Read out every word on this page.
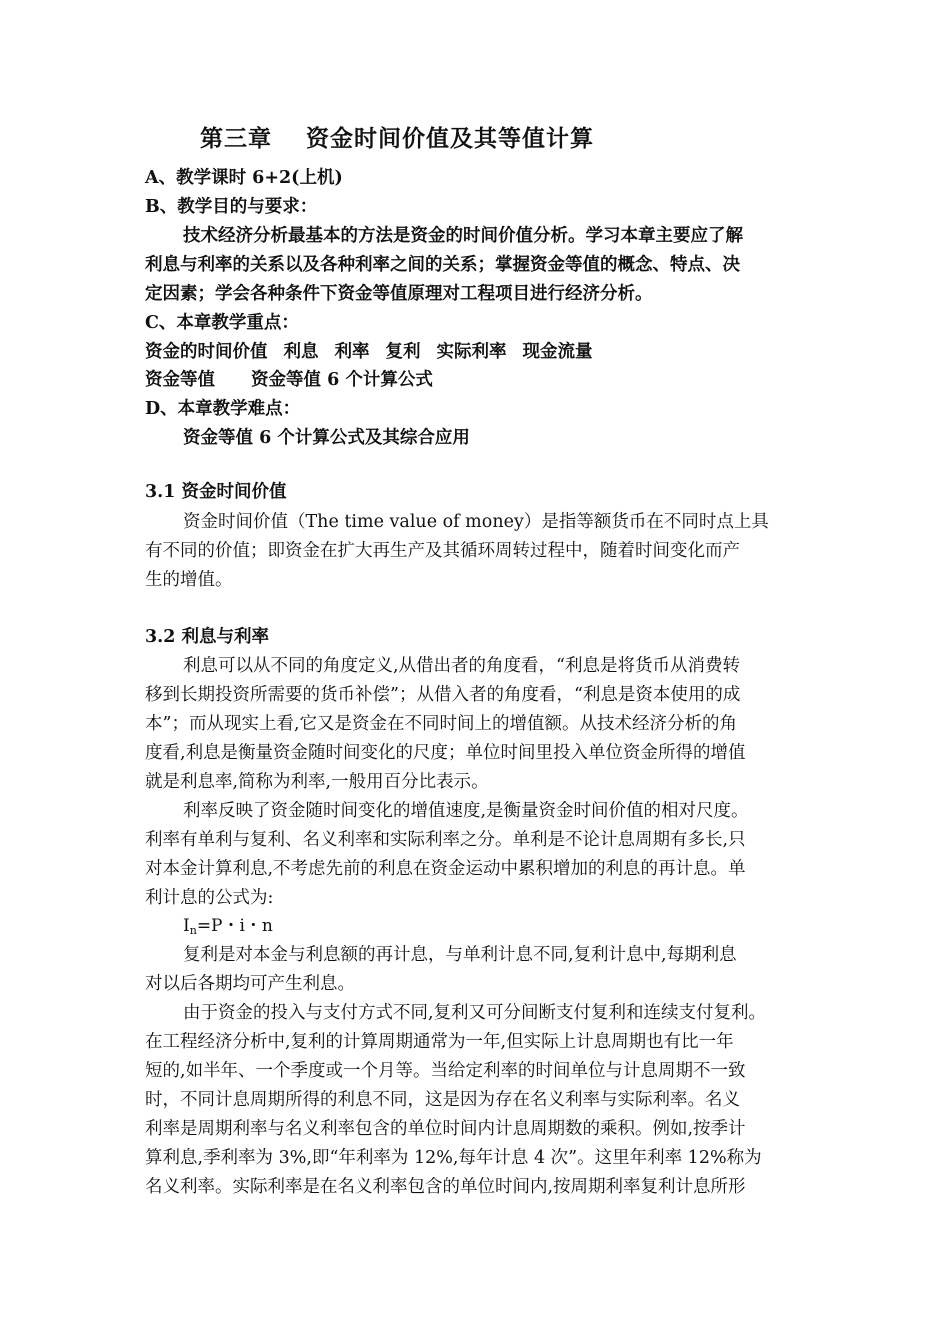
第三章 资金时间价值及其等值计算
A、教学课时 6+2(上机)
B、教学目的与要求：
技术经济分析最基本的方法是资金的时间价值分析。学习本章主要应了解
利息与利率的关系以及各种利率之间的关系；掌握资金等值的概念、特点、决
定因素；学会各种条件下资金等值原理对工程项目进行经济分析。
C、本章教学重点：
资金的时间价值 利息 利率 复利 实际利率 现金流量
资金等值 资金等值 6 个计算公式
D、本章教学难点：
资金等值 6 个计算公式及其综合应用
3.1 资金时间价值
资金时间价值（The time value of money）是指等额货币在不同时点上具
有不同的价值；即资金在扩大再生产及其循环周转过程中，随着时间变化而产
生的增值。
3.2 利息与利率
利息可以从不同的角度定义,从借出者的角度看，“利息是将货币从消费转
移到长期投资所需要的货币补偿”；从借入者的角度看，“利息是资本使用的成
本”；而从现实上看,它又是资金在不同时间上的增值额。从技术经济分析的角
度看,利息是衡量资金随时间变化的尺度；单位时间里投入单位资金所得的增值
就是利息率,简称为利率,一般用百分比表示。
利率反映了资金随时间变化的增值速度,是衡量资金时间价值的相对尺度。
利率有单利与复利、名义利率和实际利率之分。单利是不论计息周期有多长,只
对本金计算利息,不考虑先前的利息在资金运动中累积增加的利息的再计息。单
利计息的公式为:
$I_n=P$・i・n
复利是对本金与利息额的再计息，与单利计息不同,复利计息中,每期利息
对以后各期均可产生利息。
由于资金的投入与支付方式不同,复利又可分间断支付复利和连续支付复利。
在工程经济分析中,复利的计算周期通常为一年,但实际上计息周期也有比一年
短的,如半年、一个季度或一个月等。当给定利率的时间单位与计息周期不一致
时，不同计息周期所得的利息不同，这是因为存在名义利率与实际利率。名义
利率是周期利率与名义利率包含的单位时间内计息周期数的乘积。例如,按季计
算利息,季利率为 3%,即“年利率为 12%,每年计息 4 次”。这里年利率 12%称为
名义利率。实际利率是在名义利率包含的单位时间内,按周期利率复利计息所形
